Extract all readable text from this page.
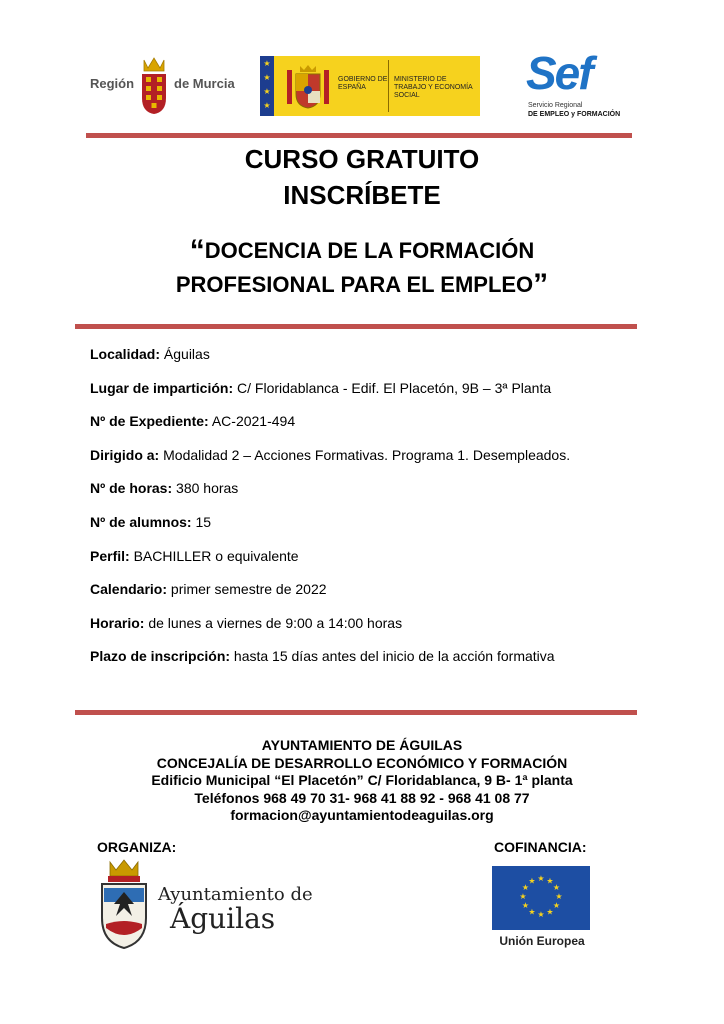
Región	de Murcia
★
★
★
★
GOBIERNO DE ESPAÑA
MINISTERIO DE TRABAJO Y ECONOMÍA SOCIAL	Sef
Servicio Regional
DE EMPLEO y FORMACIÓN
CURSO GRATUITO
INSCRÍBETE
“DOCENCIA DE LA FORMACIÓN
PROFESIONAL PARA EL EMPLEO”
Localidad: Águilas
Lugar de impartición: C/ Floridablanca - Edif. El Placetón, 9B – 3ª Planta
Nº de Expediente: AC-2021-494
Dirigido a: Modalidad 2 – Acciones Formativas. Programa 1. Desempleados.
Nº de horas: 380 horas
Nº de alumnos: 15
Perfil: BACHILLER o equivalente
Calendario: primer semestre de 2022
Horario: de lunes a viernes de 9:00 a 14:00 horas
Plazo de inscripción: hasta 15 días antes del inicio de la acción formativa
AYUNTAMIENTO DE ÁGUILAS
CONCEJALÍA DE DESARROLLO ECONÓMICO Y FORMACIÓN
Edificio Municipal “El Placetón” C/ Floridablanca, 9 B- 1ª planta
Teléfonos 968 49 70 31- 968 41 88 92 - 968 41 08 77
formacion@ayuntamientodeaguilas.org
ORGANIZA:	COFINANCIA:
Ayuntamiento de
Águilas
★ ★
★
★
★
★
★
★
★
★
★
★
Unión Europea
